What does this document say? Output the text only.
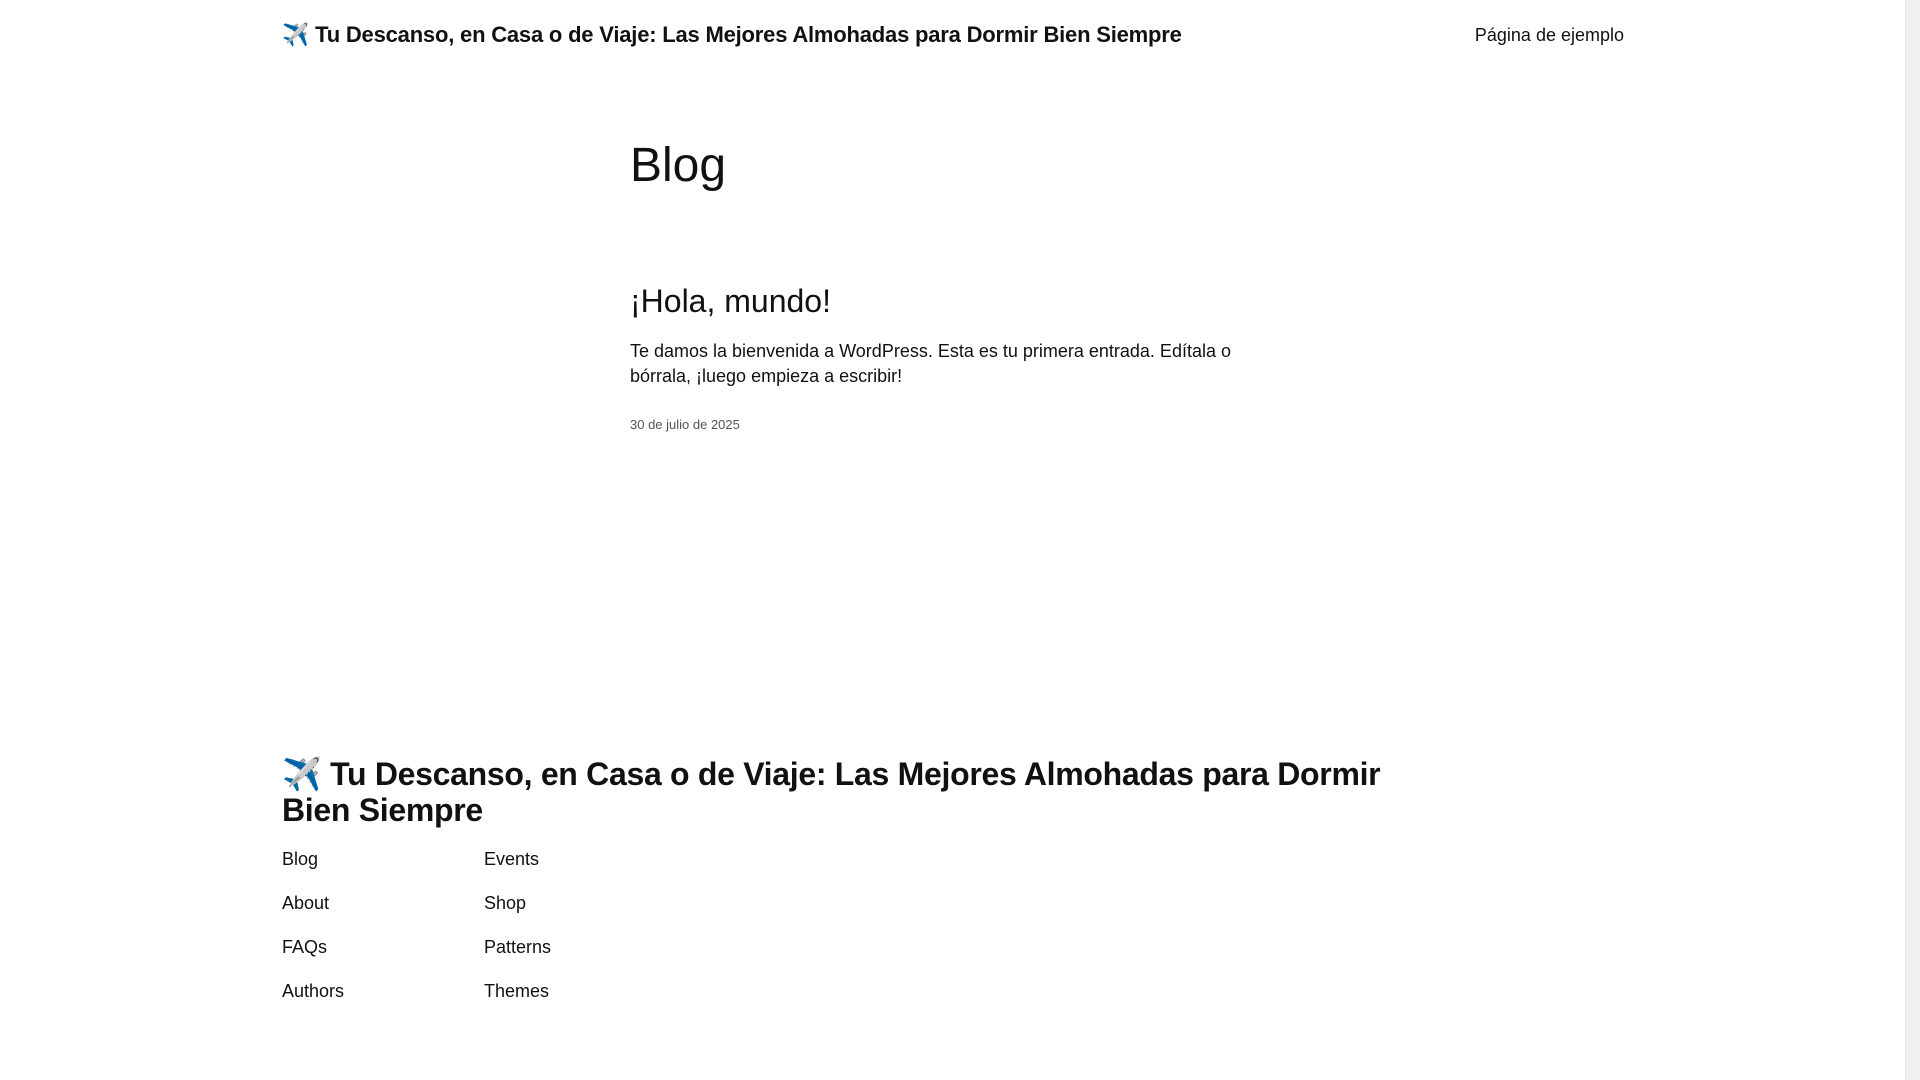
✈️ Tu Descanso, en Casa o de Viaje: Las Mejores Almohadas para Dormir Bien Siempre	Página de ejemplo
Blog
¡Hola, mundo!

Te damos la bienvenida a WordPress. Esta es tu primera entrada. Edítala o bórrala, ¡luego empieza a escribir!

30 de julio de 2025
✈️ Tu Descanso, en Casa o de Viaje: Las Mejores Almohadas para Dormir Bien Siempre
Blog
About
FAQs
Authors
Events
Shop
Patterns
Themes
